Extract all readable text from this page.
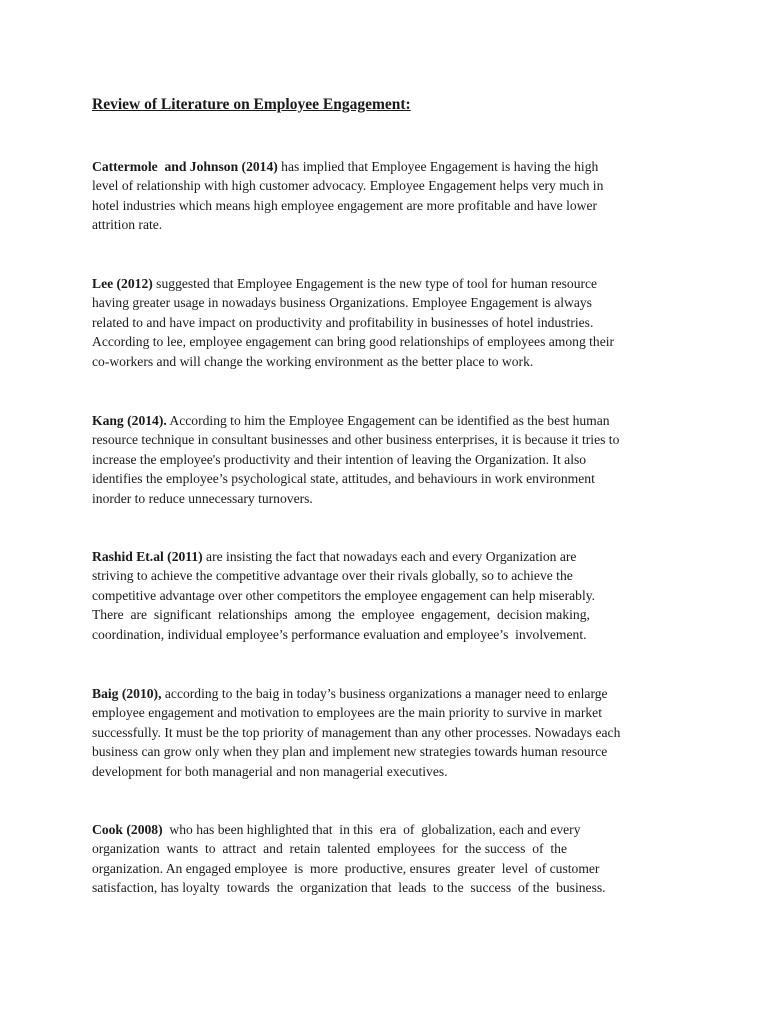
Review of Literature on Employee Engagement:

Cattermole  and Johnson (2014) has implied that Employee Engagement is having the high
level of relationship with high customer advocacy. Employee Engagement helps very much in
hotel industries which means high employee engagement are more profitable and have lower
attrition rate.

Lee (2012) suggested that Employee Engagement is the new type of tool for human resource
having greater usage in nowadays business Organizations. Employee Engagement is always
related to and have impact on productivity and profitability in businesses of hotel industries.
According to lee, employee engagement can bring good relationships of employees among their
co-workers and will change the working environment as the better place to work.

Kang (2014). According to him the Employee Engagement can be identified as the best human
resource technique in consultant businesses and other business enterprises, it is because it tries to
increase the employee's productivity and their intention of leaving the Organization. It also
identifies the employee’s psychological state, attitudes, and behaviours in work environment
inorder to reduce unnecessary turnovers.

Rashid Et.al (2011) are insisting the fact that nowadays each and every Organization are
striving to achieve the competitive advantage over their rivals globally, so to achieve the
competitive advantage over other competitors the employee engagement can help miserably.
There  are  significant  relationships  among  the  employee  engagement,  decision making,
coordination, individual employee’s performance evaluation and employee’s  involvement.

Baig (2010), according to the baig in today’s business organizations a manager need to enlarge
employee engagement and motivation to employees are the main priority to survive in market
successfully. It must be the top priority of management than any other processes. Nowadays each
business can grow only when they plan and implement new strategies towards human resource
development for both managerial and non managerial executives.

Cook (2008)  who has been highlighted that  in this  era  of  globalization, each and every
organization  wants  to  attract  and  retain  talented  employees  for  the success  of  the
organization. An engaged employee  is  more  productive, ensures  greater  level  of customer
satisfaction, has loyalty  towards  the  organization that  leads  to the  success  of the  business.
